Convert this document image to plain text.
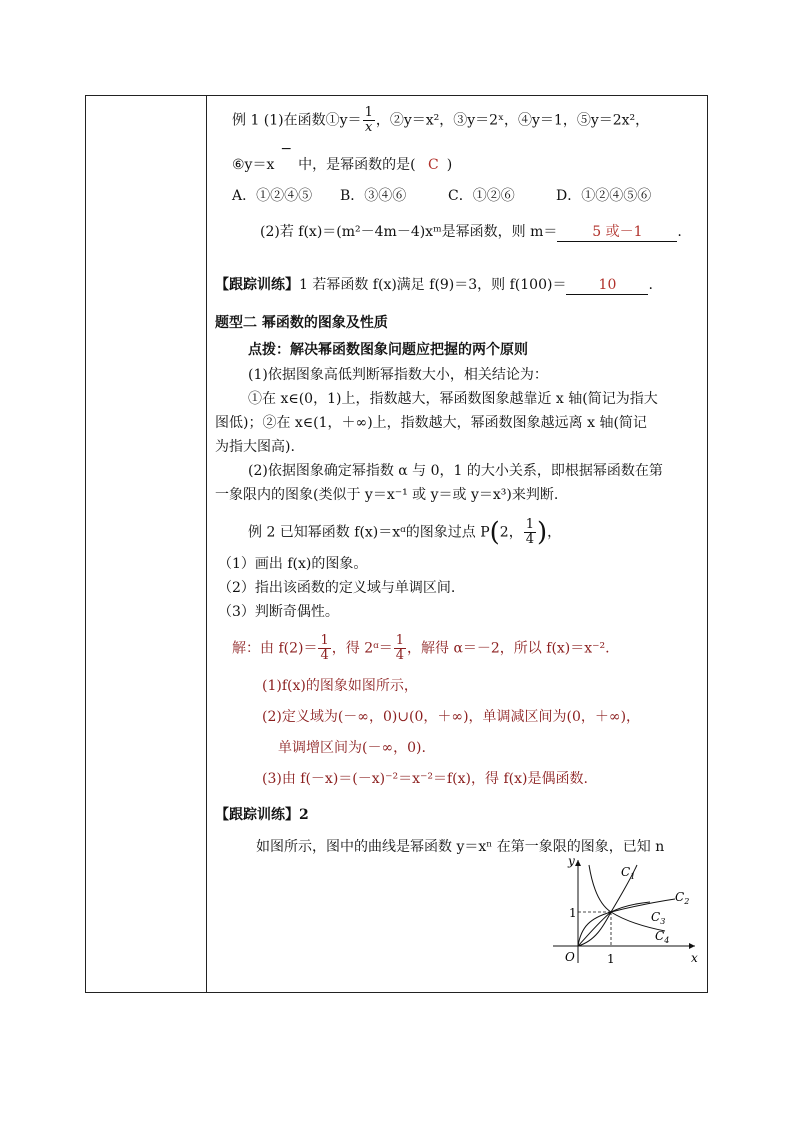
例 1 (1)在函数①y＝ $\frac{1}{x}$ ，②y＝x²，③y＝2ˣ，④y＝1，⑤y＝2x²，
⑥y＝x−中，是幂函数的是( C )
A．①②④⑤ B．③④⑥	C．①②⑥	D．①②④⑤⑥
(2)若 f(x)＝(m²－4m－4)xᵐ是幂函数，则 m＝ 5 或－1 .
【跟踪训练】1 若幂函数 f(x)满足 f(9)＝3，则 f(100)＝ 10 .
题型二 幂函数的图象及性质
点拨：解决幂函数图象问题应把握的两个原则
(1)依据图象高低判断幂指数大小，相关结论为：
①在 x∈(0，1)上，指数越大，幂函数图象越靠近 x 轴(简记为指大
图低)；②在 x∈(1，＋∞)上，指数越大，幂函数图象越远离 x 轴(简记
为指大图高).
(2)依据图象确定幂指数 α 与 0，1 的大小关系，即根据幂函数在第
一象限内的图象(类似于 y＝x⁻¹ 或 y＝或 y＝x³)来判断.
例 2 已知幂函数 f(x)＝xᵅ的图象过点 P(2， $\frac{1}{4}$ )，
（1）画出 f(x)的图象。
（2）指出该函数的定义域与单调区间.
（3）判断奇偶性。
解：由 $f(2)= \frac{1}{4}$ ，得 2ᵅ＝ $\frac{1}{4}$ ，解得 α＝－2，所以 f(x)＝x⁻².
(1)f(x)的图象如图所示，
(2)定义域为(－∞，0)∪(0，＋∞)，单调减区间为(0，＋∞)，
单调增区间为(－∞，0).
(3)由 f(－x)＝(－x)⁻²＝x⁻²＝f(x)，得 f(x)是偶函数.
【跟踪训练】2
如图所示，图中的曲线是幂函数 y＝xⁿ 在第一象限的图象，已知 n
y
x
O	1
1
$C_1$
$C_2$
$C_3$
$C_4$
